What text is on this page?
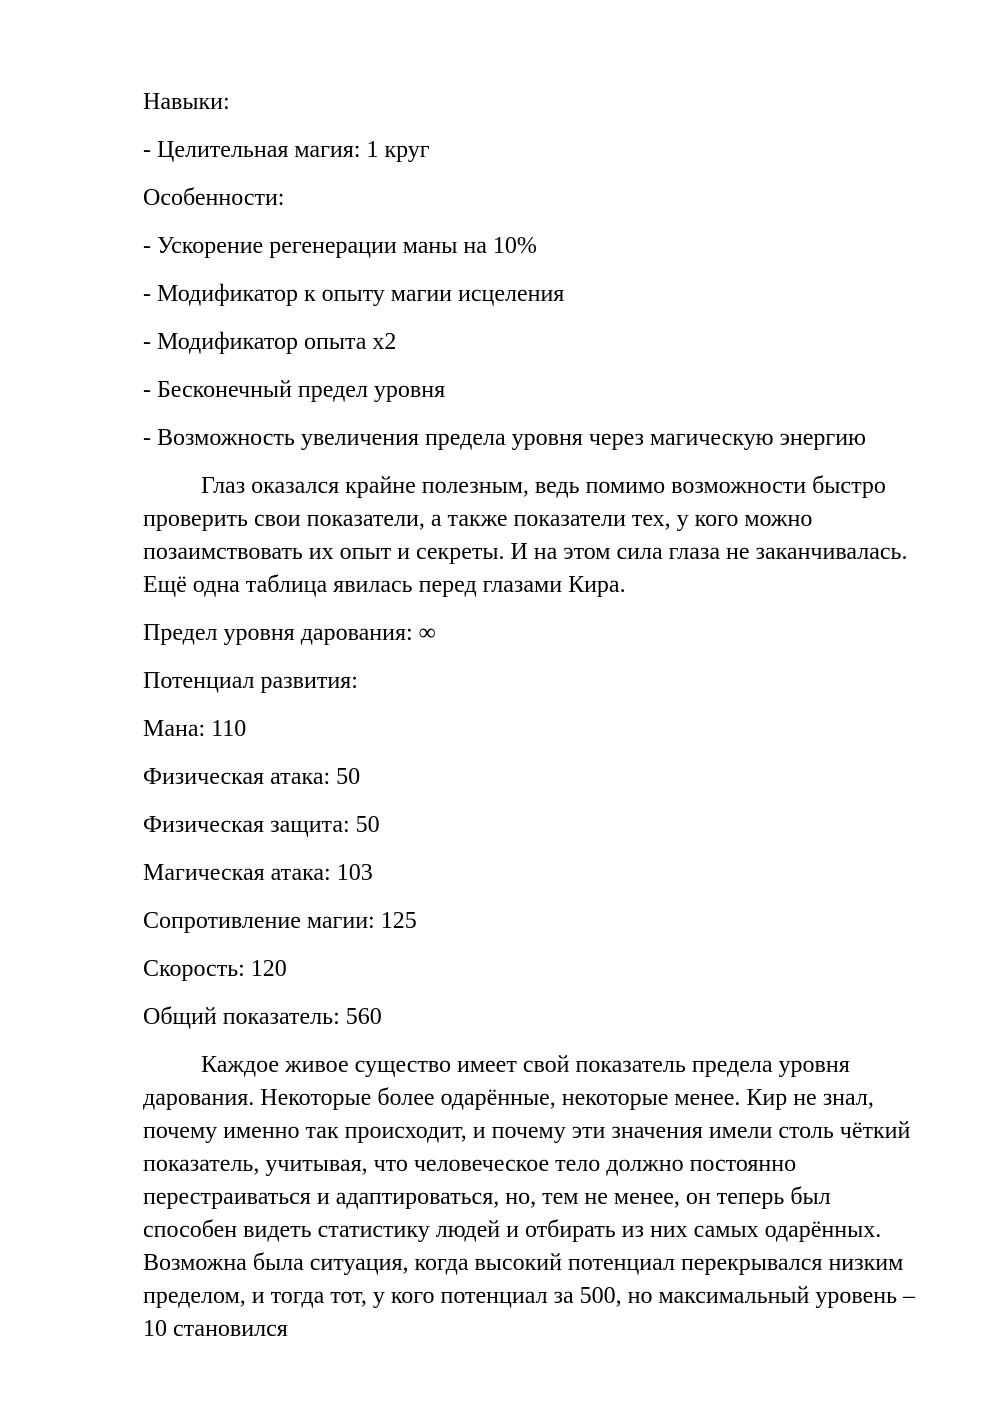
Навыки:

- Целительная магия: 1 круг

Особенности:

- Ускорение регенерации маны на 10%

- Модификатор к опыту магии исцеления

- Модификатор опыта х2

- Бесконечный предел уровня

- Возможность увеличения предела уровня через магическую энергию

Глаз оказался крайне полезным, ведь помимо возможности быстро проверить свои показатели, а также показатели тех, у кого можно позаимствовать их опыт и секреты. И на этом сила глаза не заканчивалась. Ещё одна таблица явилась перед глазами Кира.

Предел уровня дарования: ∞

Потенциал развития:

Мана: 110

Физическая атака: 50

Физическая защита: 50

Магическая атака: 103

Сопротивление магии: 125

Скорость: 120

Общий показатель: 560

Каждое живое существо имеет свой показатель предела уровня дарования. Некоторые более одарённые, некоторые менее. Кир не знал, почему именно так происходит, и почему эти значения имели столь чёткий показатель, учитывая, что человеческое тело должно постоянно перестраиваться и адаптироваться, но, тем не менее, он теперь был способен видеть статистику людей и отбирать из них самых одарённых. Возможна была ситуация, когда высокий потенциал перекрывался низким пределом, и тогда тот, у кого потенциал за 500, но максимальный уровень – 10 становился
